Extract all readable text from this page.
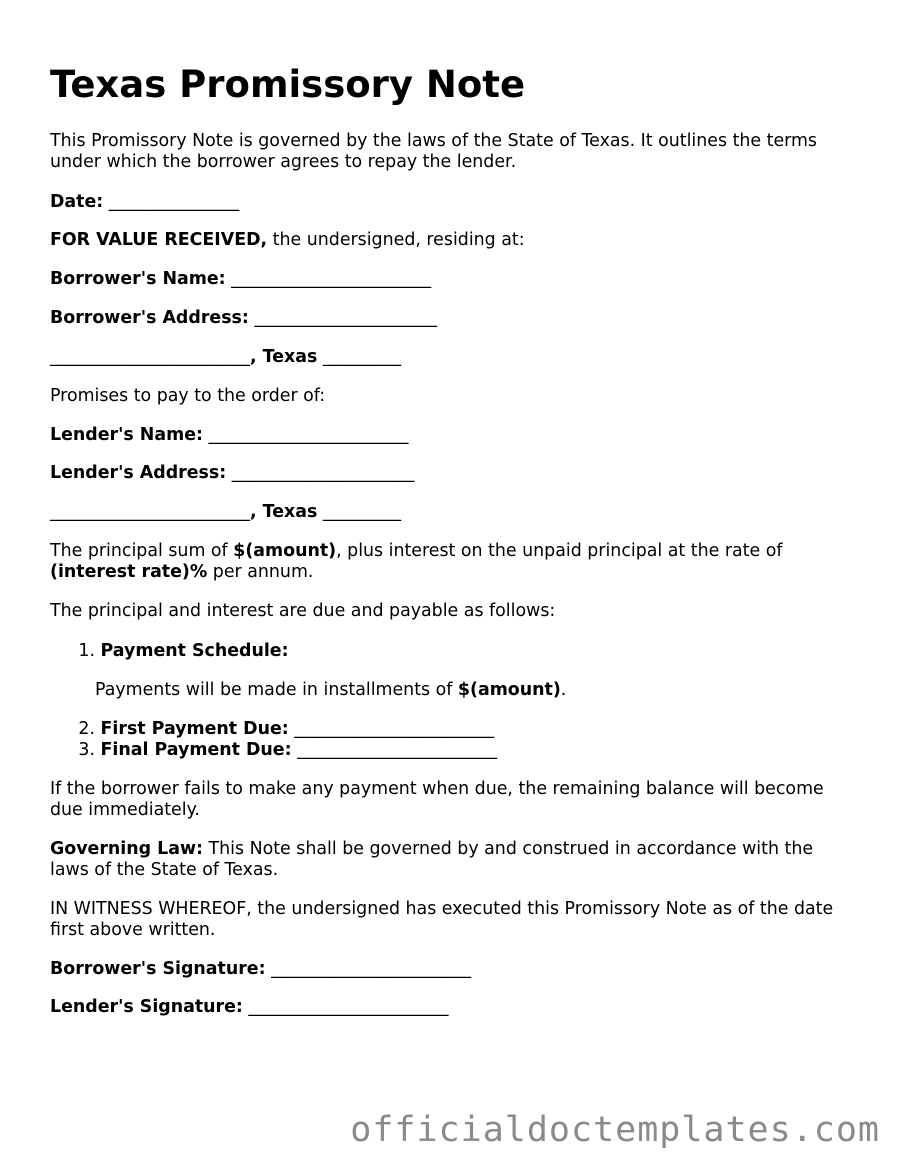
Texas Promissory Note

This Promissory Note is governed by the laws of the State of Texas. It outlines the terms under which the borrower agrees to repay the lender.

Date: _______________

FOR VALUE RECEIVED, the undersigned, residing at:

Borrower's Name: _______________________

Borrower's Address: _____________________

_______________________, Texas _________

Promises to pay to the order of:

Lender's Name: _______________________

Lender's Address: _____________________

_______________________, Texas _________

The principal sum of $(amount), plus interest on the unpaid principal at the rate of

(interest rate)% per annum.

The principal and interest are due and payable as follows:

1. Payment Schedule:

Payments will be made in installments of $(amount).

2. First Payment Due: _______________________

3. Final Payment Due: _______________________

If the borrower fails to make any payment when due, the remaining balance will become due immediately.

Governing Law: This Note shall be governed by and construed in accordance with the laws of the State of Texas.

IN WITNESS WHEREOF, the undersigned has executed this Promissory Note as of the date first above written.

Borrower's Signature: _______________________

Lender's Signature: _______________________

officialdoctemplates.com
